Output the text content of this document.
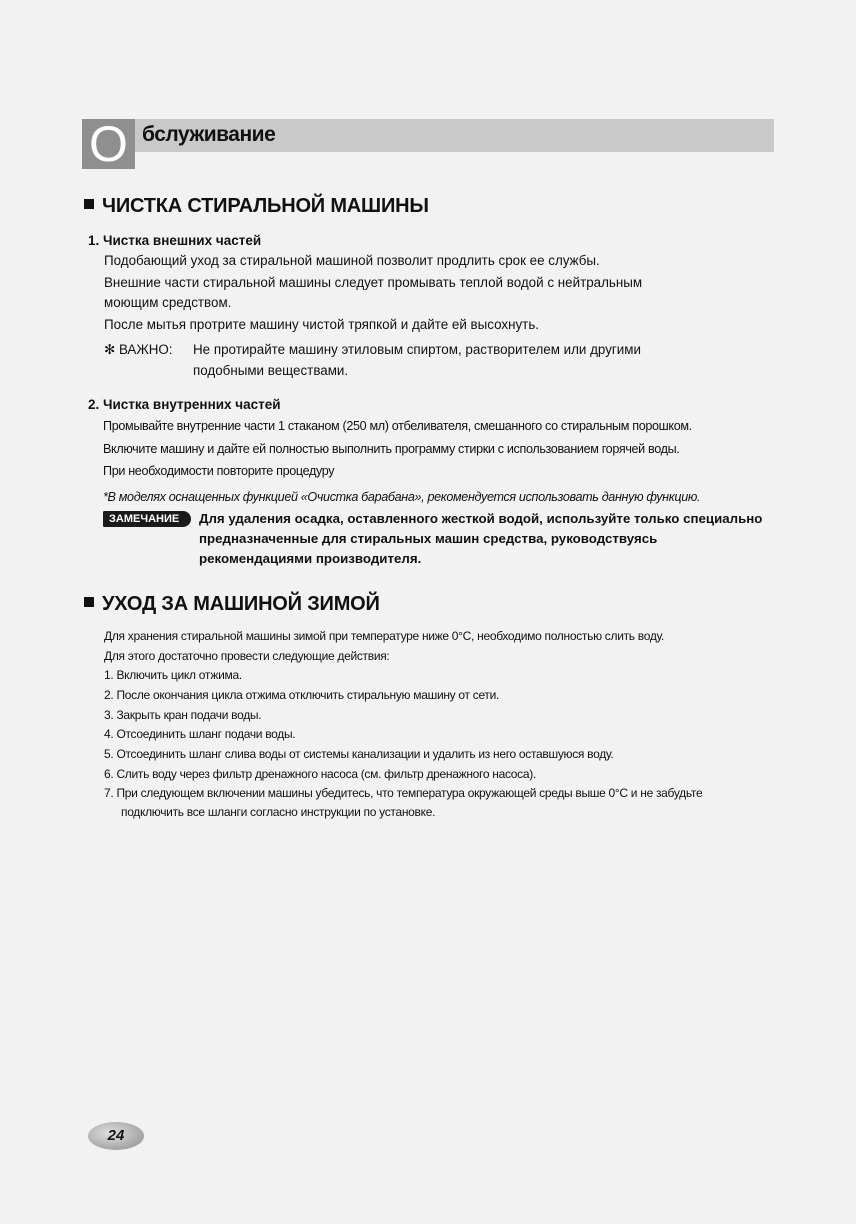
О бслуживание
ЧИСТКА СТИРАЛЬНОЙ МАШИНЫ
1. Чистка внешних частей
Подобающий уход за стиральной машиной позволит продлить срок ее службы.
Внешние части стиральной машины следует промывать теплой водой с нейтральным
моющим средством.
После мытья протрите машину чистой тряпкой и дайте ей высохнуть.
✻ ВАЖНО: Не протирайте машину этиловым спиртом, растворителем или другими
подобными веществами.
2. Чистка внутренних частей
Промывайте внутренние части 1 стаканом (250 мл) отбеливателя, смешанного со стиральным порошком.
Включите машину и дайте ей полностью выполнить программу стирки с использованием горячей воды.
При необходимости повторите процедуру
*В моделях оснащенных функцией «Очистка барабана», рекомендуется использовать данную функцию.
ЗАМЕЧАНИЕ	Для удаления осадка, оставленного жесткой водой, используйте только специально
предназначенные для стиральных машин средства, руководствуясь
рекомендациями производителя.
УХОД ЗА МАШИНОЙ ЗИМОЙ
Для хранения стиральной машины зимой при температуре ниже 0°C, необходимо полностью слить воду.
Для этого достаточно провести следующие действия:
1. Включить цикл отжима.
2. После окончания цикла отжима отключить стиральную машину от сети.
3. Закрыть кран подачи воды.
4. Отсоединить шланг подачи воды.
5. Отсоединить шланг слива воды от системы канализации и удалить из него оставшуюся воду.
6. Слить воду через фильтр дренажного насоса (см. фильтр дренажного насоса).
7. При следующем включении машины убедитесь, что температура окружающей среды выше 0°C и не забудьте
подключить все шланги согласно инструкции по установке.
24
